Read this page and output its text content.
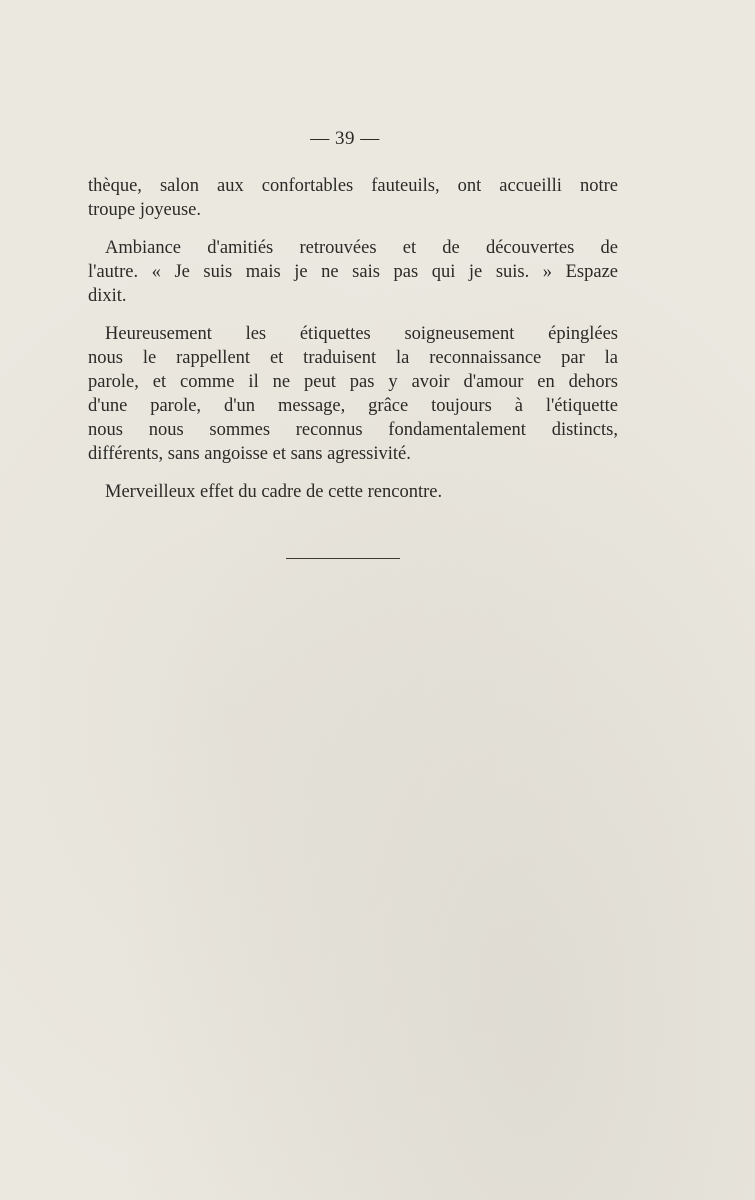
— 39 —

thèque, salon aux confortables fauteuils, ont accueilli notre
troupe joyeuse.

Ambiance d'amitiés retrouvées et de découvertes de
l'autre. « Je suis mais je ne sais pas qui je suis. » Espaze
dixit.

Heureusement les étiquettes soigneusement épinglées
nous le rappellent et traduisent la reconnaissance par la
parole, et comme il ne peut pas y avoir d'amour en dehors
d'une parole, d'un message, grâce toujours à l'étiquette
nous nous sommes reconnus fondamentalement distincts,
différents, sans angoisse et sans agressivité.

Merveilleux effet du cadre de cette rencontre.
